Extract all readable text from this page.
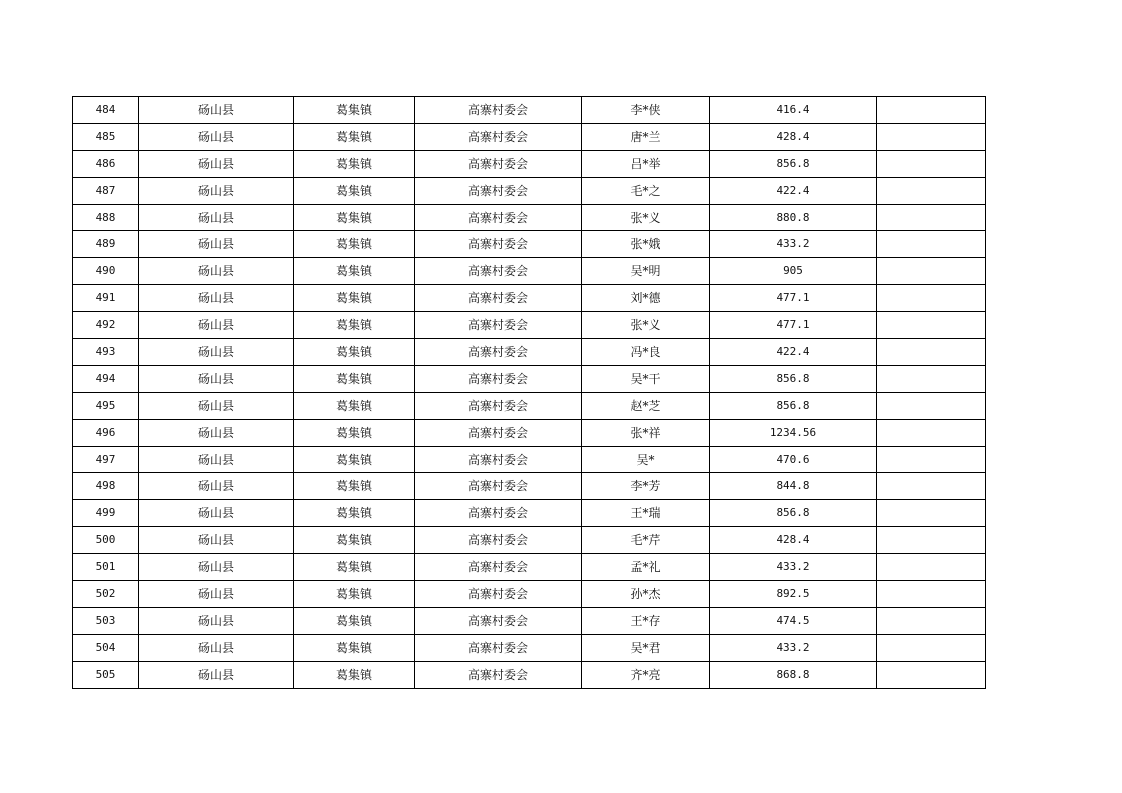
484	砀山县	葛集镇	高寨村委会	李*侠	416.4	
485	砀山县	葛集镇	高寨村委会	唐*兰	428.4	
486	砀山县	葛集镇	高寨村委会	吕*举	856.8	
487	砀山县	葛集镇	高寨村委会	毛*之	422.4	
488	砀山县	葛集镇	高寨村委会	张*义	880.8	
489	砀山县	葛集镇	高寨村委会	张*娥	433.2	
490	砀山县	葛集镇	高寨村委会	吴*明	905	
491	砀山县	葛集镇	高寨村委会	刘*德	477.1	
492	砀山县	葛集镇	高寨村委会	张*义	477.1	
493	砀山县	葛集镇	高寨村委会	冯*良	422.4	
494	砀山县	葛集镇	高寨村委会	吴*干	856.8	
495	砀山县	葛集镇	高寨村委会	赵*芝	856.8	
496	砀山县	葛集镇	高寨村委会	张*祥	1234.56	
497	砀山县	葛集镇	高寨村委会	吴*	470.6	
498	砀山县	葛集镇	高寨村委会	李*芳	844.8	
499	砀山县	葛集镇	高寨村委会	王*瑞	856.8	
500	砀山县	葛集镇	高寨村委会	毛*芹	428.4	
501	砀山县	葛集镇	高寨村委会	孟*礼	433.2	
502	砀山县	葛集镇	高寨村委会	孙*杰	892.5	
503	砀山县	葛集镇	高寨村委会	王*存	474.5	
504	砀山县	葛集镇	高寨村委会	吴*君	433.2	
505	砀山县	葛集镇	高寨村委会	齐*亮	868.8	
